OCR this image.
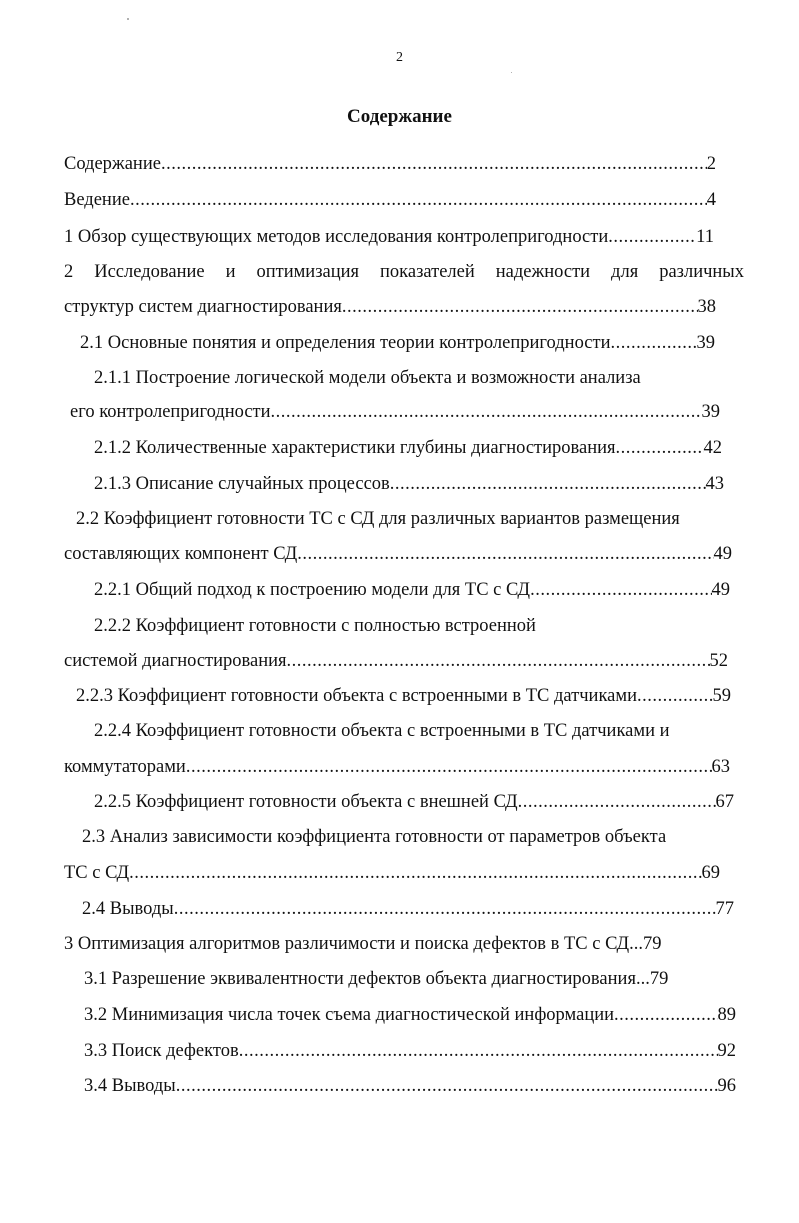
2
Содержание
Содержание .....	2
Ведение .....	4
1 Обзор существующих методов исследования контролепригодности .....	11
2 Исследование и оптимизация показателей надежности для различных
структур систем диагностирования .....	38
2.1 Основные понятия и определения теории контролепригодности .....	39
2.1.1 Построение логической модели объекта и возможности анализа
его контролепригодности .....	39
2.1.2 Количественные характеристики глубины диагностирования .....	42
2.1.3 Описание случайных процессов .....	43
2.2 Коэффициент готовности ТС с СД для различных вариантов размещения
составляющих компонент СД .....	49
2.2.1 Общий подход к построению модели для ТС с СД .....	49
2.2.2 Коэффициент готовности с полностью встроенной
системой диагностирования .....	52
2.2.3 Коэффициент готовности объекта с встроенными в ТС датчиками .....	59
2.2.4 Коэффициент готовности объекта с встроенными в ТС датчиками и
коммутаторами .....	63
2.2.5 Коэффициент готовности объекта с внешней СД .....	67
2.3 Анализ зависимости коэффициента готовности от параметров объекта
ТС с СД .....	69
2.4 Выводы .....	77
3 Оптимизация алгоритмов различимости и поиска дефектов в ТС с СД...79
3.1 Разрешение эквивалентности дефектов объекта диагностирования...79
3.2 Минимизация числа точек съема диагностической информации .....	89
3.3 Поиск дефектов .....	92
3.4 Выводы .....	96
